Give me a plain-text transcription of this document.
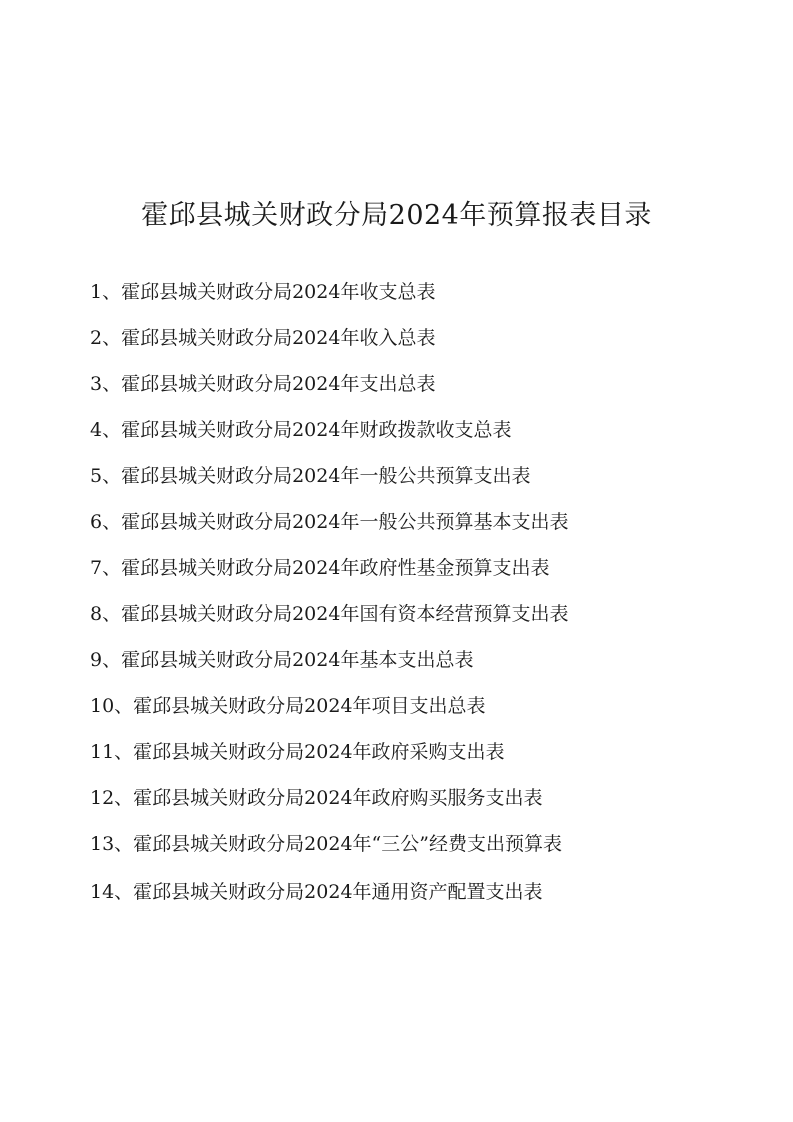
霍邱县城关财政分局2024年预算报表目录
1、霍邱县城关财政分局2024年收支总表
2、霍邱县城关财政分局2024年收入总表
3、霍邱县城关财政分局2024年支出总表
4、霍邱县城关财政分局2024年财政拨款收支总表
5、霍邱县城关财政分局2024年一般公共预算支出表
6、霍邱县城关财政分局2024年一般公共预算基本支出表
7、霍邱县城关财政分局2024年政府性基金预算支出表
8、霍邱县城关财政分局2024年国有资本经营预算支出表
9、霍邱县城关财政分局2024年基本支出总表
10、霍邱县城关财政分局2024年项目支出总表
11、霍邱县城关财政分局2024年政府采购支出表
12、霍邱县城关财政分局2024年政府购买服务支出表
13、霍邱县城关财政分局2024年“三公”经费支出预算表
14、霍邱县城关财政分局2024年通用资产配置支出表
